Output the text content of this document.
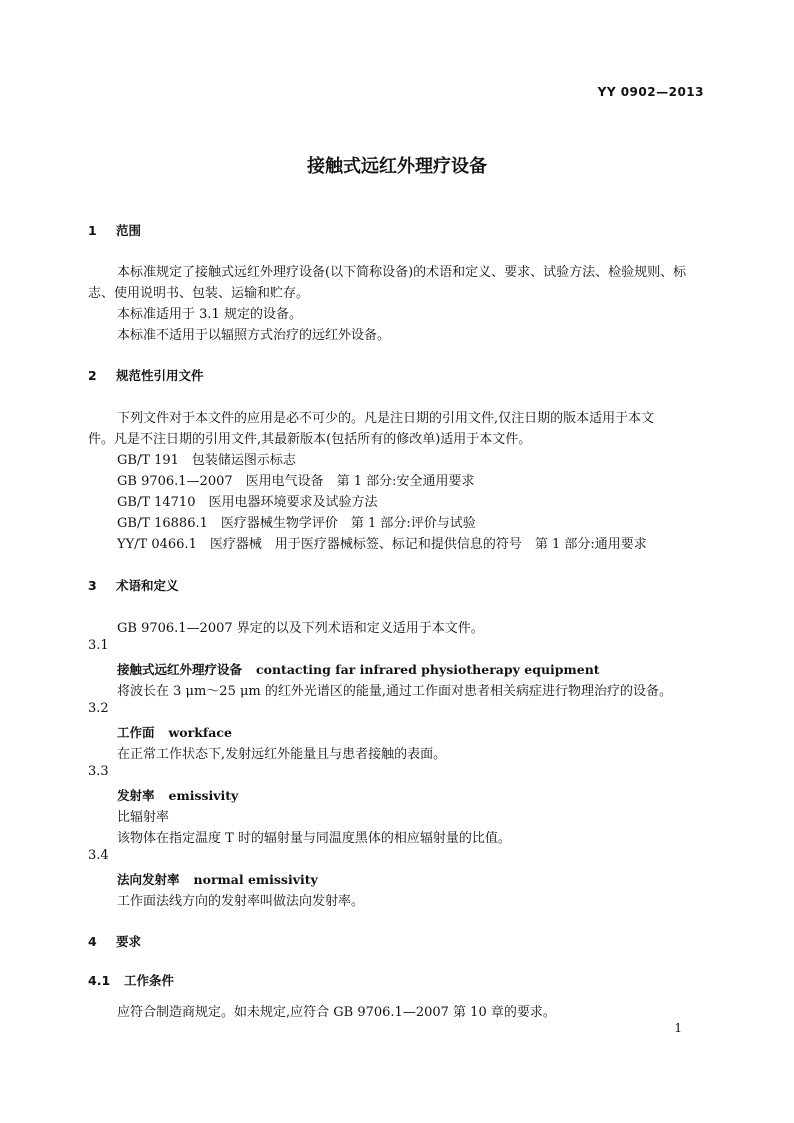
YY 0902—2013
接触式远红外理疗设备
1 范围
本标准规定了接触式远红外理疗设备(以下简称设备)的术语和定义、要求、试验方法、检验规则、标
志、使用说明书、包装、运输和贮存。
本标准适用于 3.1 规定的设备。
本标准不适用于以辐照方式治疗的远红外设备。
2 规范性引用文件
下列文件对于本文件的应用是必不可少的。凡是注日期的引用文件,仅注日期的版本适用于本文
件。凡是不注日期的引用文件,其最新版本(包括所有的修改单)适用于本文件。
GB/T 191　包装储运图示标志
GB 9706.1—2007　医用电气设备　第 1 部分:安全通用要求
GB/T 14710　医用电器环境要求及试验方法
GB/T 16886.1　医疗器械生物学评价　第 1 部分:评价与试验
YY/T 0466.1　医疗器械　用于医疗器械标签、标记和提供信息的符号　第 1 部分:通用要求
3 术语和定义
GB 9706.1—2007 界定的以及下列术语和定义适用于本文件。
3.1
接触式远红外理疗设备 contacting far infrared physiotherapy equipment
将波长在 3 μm～25 μm 的红外光谱区的能量,通过工作面对患者相关病症进行物理治疗的设备。
3.2
工作面 workface
在正常工作状态下,发射远红外能量且与患者接触的表面。
3.3
发射率 emissivity
比辐射率
该物体在指定温度 T 时的辐射量与同温度黑体的相应辐射量的比值。
3.4
法向发射率 normal emissivity
工作面法线方向的发射率叫做法向发射率。
4 要求
4.1 工作条件
应符合制造商规定。如未规定,应符合 GB 9706.1—2007 第 10 章的要求。
1
